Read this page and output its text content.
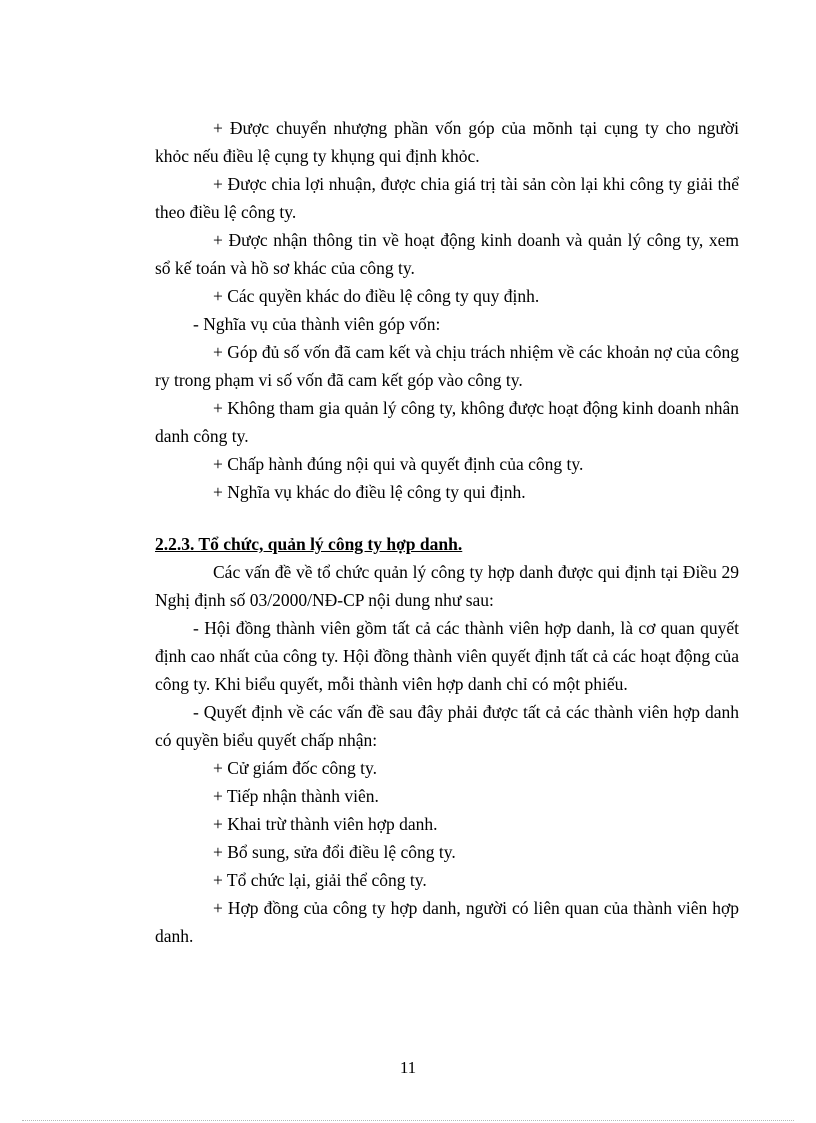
+ Được chuyển nhượng phần vốn góp của mõnh tại cụng ty cho người khỏc nếu điều lệ cụng ty khụng qui định khỏc.

+ Được chia lợi nhuận, được chia giá trị tài sản còn lại khi công ty giải thể theo điều lệ công ty.

+ Được nhận thông tin về hoạt động kinh doanh và quản lý công ty, xem sổ kế toán và hồ sơ khác của công ty.

+ Các quyền khác do điều lệ công ty quy định.

- Nghĩa vụ của thành viên góp vốn:

+ Góp đủ số vốn đã cam kết và chịu trách nhiệm về các khoản nợ của công ry trong phạm vi số vốn đã cam kết góp vào công ty.

+ Không tham gia quản lý công ty, không được hoạt động kinh doanh nhân danh công ty.

+ Chấp hành đúng nội qui và quyết định của công ty.

+ Nghĩa vụ khác do điều lệ công ty qui định.

2.2.3. Tổ chức, quản lý công ty hợp danh.

Các vấn đề về tổ chức quản lý công ty hợp danh được qui định tại Điều 29 Nghị định số 03/2000/NĐ-CP nội dung như sau:

- Hội đồng thành viên gồm tất cả các thành viên hợp danh, là cơ quan quyết định cao nhất của công ty. Hội đồng thành viên quyết định tất cả các hoạt động của công ty. Khi biểu quyết, mỗi thành viên hợp danh chỉ có một phiếu.

- Quyết định về các vấn đề sau đây phải được tất cả các thành viên hợp danh có quyền biểu quyết chấp nhận:

+ Cử giám đốc công ty.

+ Tiếp nhận thành viên.

+ Khai trừ thành viên hợp danh.

+ Bổ sung, sửa đổi điều lệ công ty.

+ Tổ chức lại, giải thể công ty.

+ Hợp đồng của công ty hợp danh, người có liên quan của thành viên hợp danh.

11
